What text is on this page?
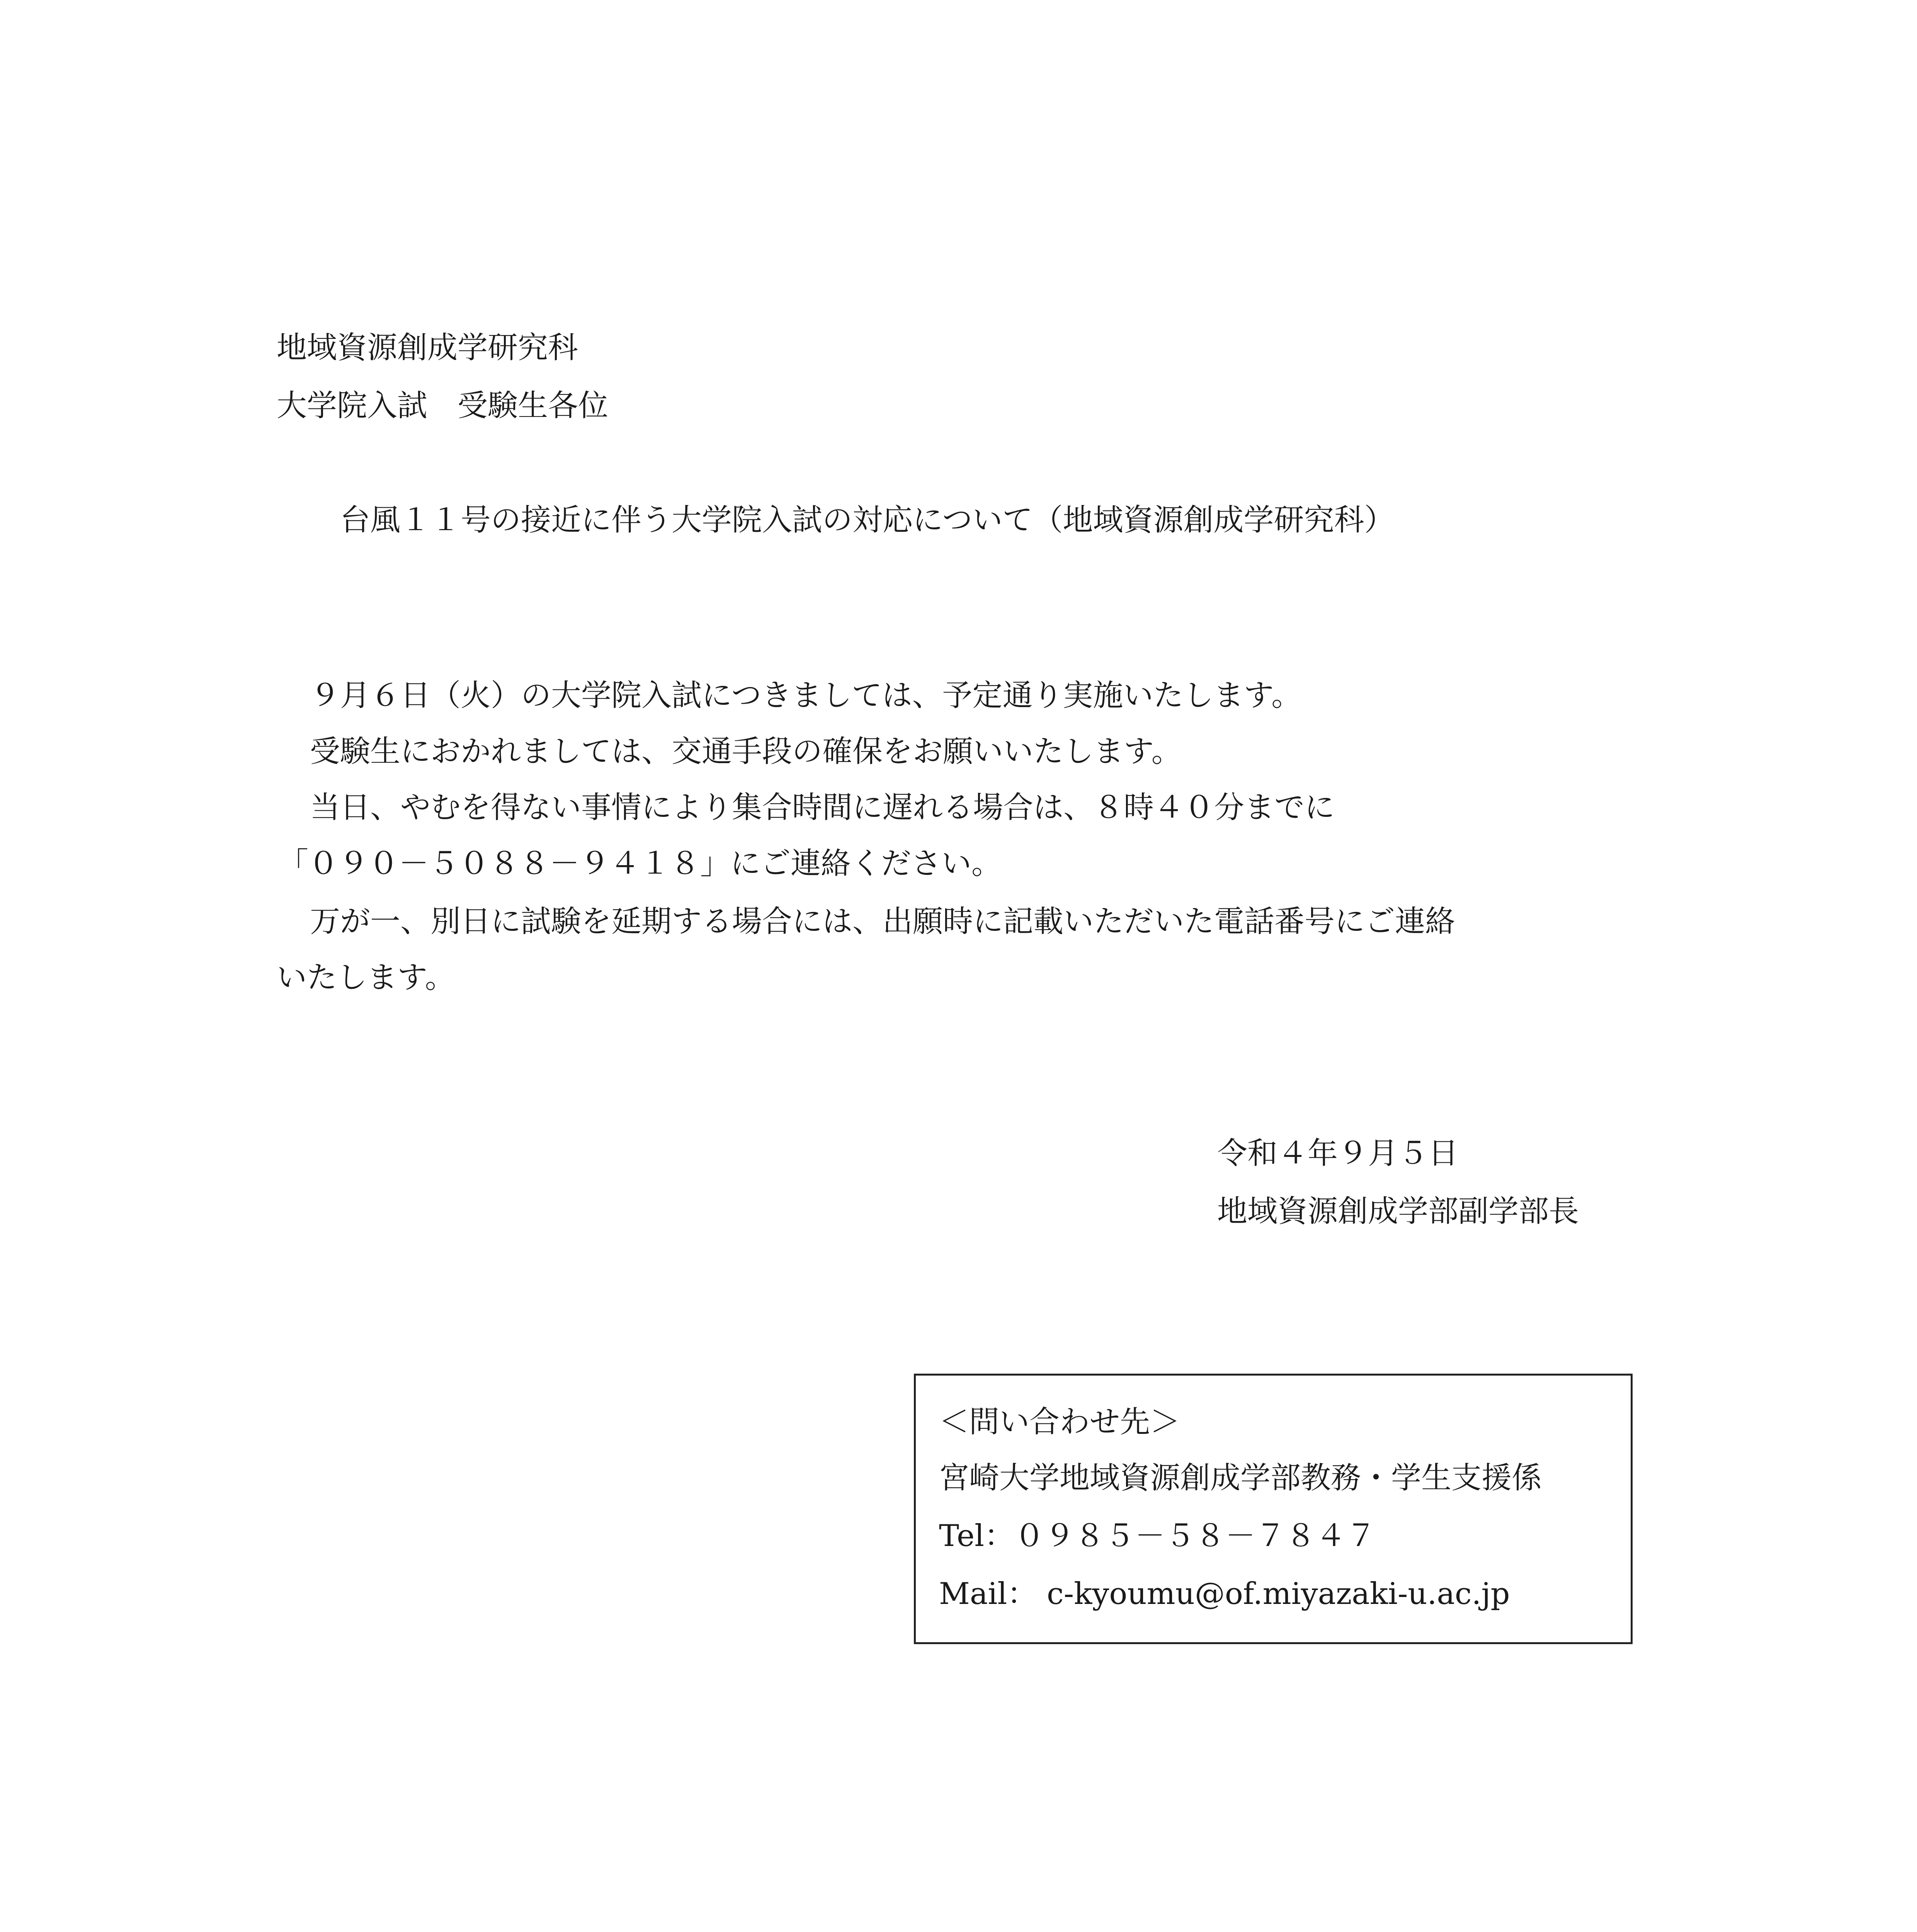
地域資源創成学研究科
大学院入試　受験生各位
台風１１号の接近に伴う大学院入試の対応について（地域資源創成学研究科）
９月６日（火）の大学院入試につきましては、予定通り実施いたします。
受験生におかれましては、交通手段の確保をお願いいたします。
当日、やむを得ない事情により集合時間に遅れる場合は、８時４０分までに
「０９０－５０８８－９４１８」にご連絡ください。
万が一、別日に試験を延期する場合には、出願時に記載いただいた電話番号にご連絡
いたします。
令和４年９月５日
地域資源創成学部副学部長
＜問い合わせ先＞
宮崎大学地域資源創成学部教務・学生支援係
Tel：０９８５－５８－７８４７
Mail： c-kyoumu@of.miyazaki-u.ac.jp
